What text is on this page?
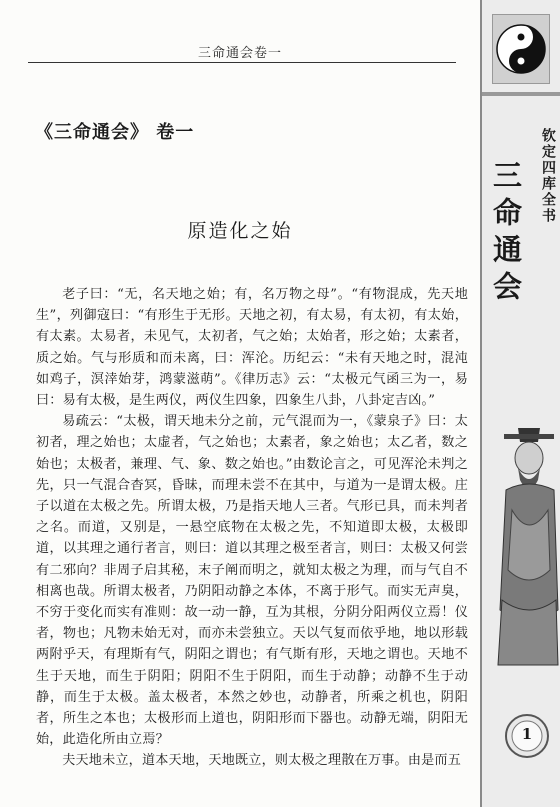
三命通会卷一
《三命通会》 卷一
原造化之始

老子曰：“无，名天地之始；有，名万物之母”。“有物混成，先天地生”，列御寇曰：“有形生于无形。天地之初，有太易，有太初，有太始，有太素。太易者，未见气，太初者，气之始；太始者，形之始；太素者，质之始。气与形质和而未离，曰：浑沦。历纪云：“未有天地之时，混沌如鸡子，溟涬始芽，鸿蒙滋萌”。《律历志》云：“太极元气函三为一，易曰：易有太极，是生两仪，两仪生四象，四象生八卦，八卦定吉凶。”

易疏云：“太极，谓天地未分之前，元气混而为一，《蒙泉子》曰：太初者，理之始也；太虚者，气之始也；太素者，象之始也；太乙者，数之始也；太极者，兼理、气、象、数之始也。”由数论言之，可见浑沦未判之先，只一气混合杳冥，昏昧，而理未尝不在其中，与道为一是谓太极。庄子以道在太极之先。所谓太极，乃是指天地人三者。气形已具，而未判者之名。而道，又别是，一悬空底物在太极之先，不知道即太极，太极即道，以其理之通行者言，则曰：道以其理之极至者言，则曰：太极又何尝有二邪向？非周子启其秘，末子阐而明之，就知太极之为理，而与气自不相离也哉。所谓太极者，乃阴阳动静之本体，不离于形气。而实无声臭，不穷于变化而实有准则：故一动一静，互为其根，分阴分阳两仪立焉！仪者，物也；凡物未始无对，而亦未尝独立。天以气复而依乎地，地以形载两附乎天，有理斯有气，阴阳之谓也；有气斯有形，天地之谓也。天地不生于天地，而生于阴阳；阴阳不生于阴阳，而生于动静；动静不生于动静，而生于太极。盖太极者，本然之妙也，动静者，所乘之机也，阴阳者，所生之本也；太极形而上道也，阴阳形而下器也。动静无端，阴阳无始，此造化所由立焉？

夫天地未立，道本天地，天地既立，则太极之理散在万事。由是而五

钦定四库全书
三命通会
1
